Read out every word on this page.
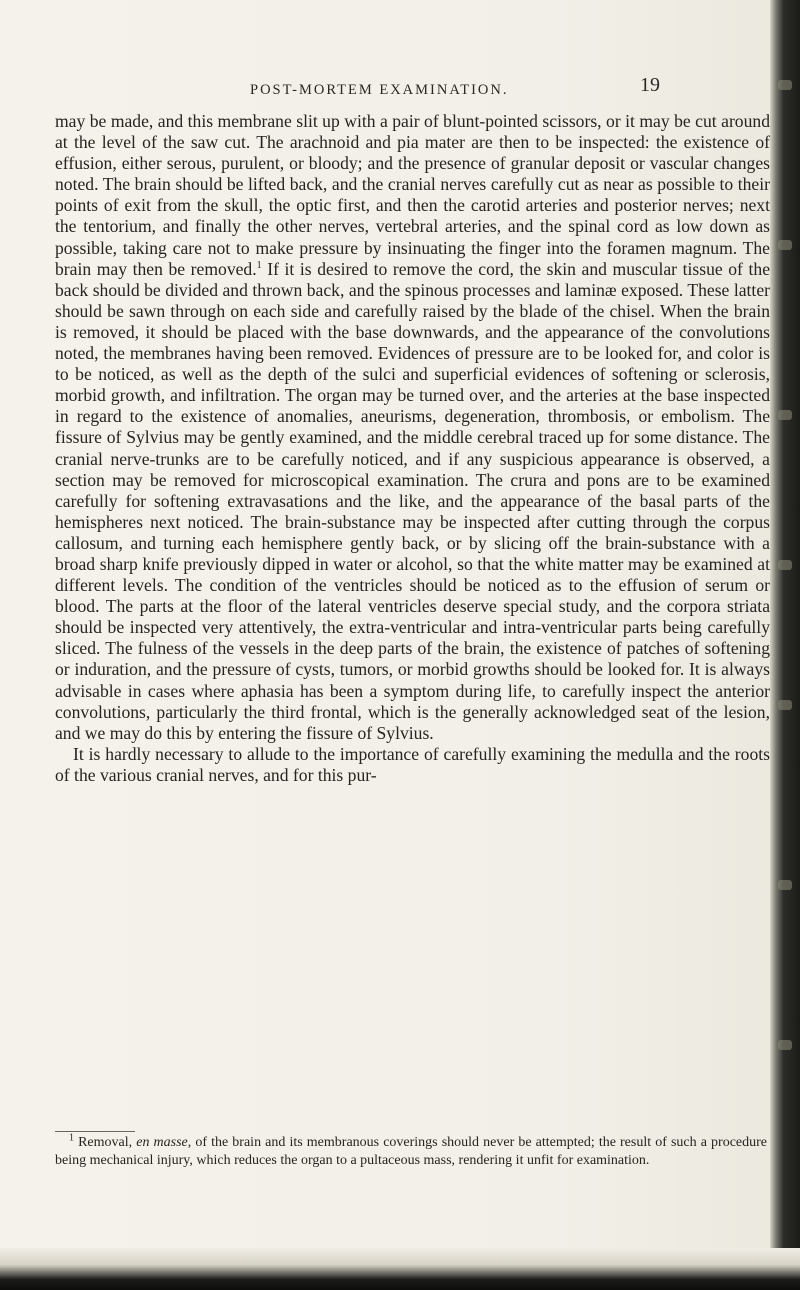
POST-MORTEM EXAMINATION.	19

may be made, and this membrane slit up with a pair of blunt-pointed scissors, or it may be cut around at the level of the saw cut. The arachnoid and pia mater are then to be inspected: the existence of effusion, either serous, purulent, or bloody; and the presence of granular deposit or vascular changes noted. The brain should be lifted back, and the cranial nerves carefully cut as near as possible to their points of exit from the skull, the optic first, and then the carotid arteries and posterior nerves; next the tentorium, and finally the other nerves, vertebral arteries, and the spinal cord as low down as possible, taking care not to make pressure by insinuating the finger into the foramen magnum. The brain may then be removed.$^1$ If it is desired to remove the cord, the skin and muscular tissue of the back should be divided and thrown back, and the spinous processes and laminæ exposed. These latter should be sawn through on each side and carefully raised by the blade of the chisel. When the brain is removed, it should be placed with the base downwards, and the appearance of the convolutions noted, the membranes having been removed. Evidences of pressure are to be looked for, and color is to be noticed, as well as the depth of the sulci and superficial evidences of softening or sclerosis, morbid growth, and infiltration. The organ may be turned over, and the arteries at the base inspected in regard to the existence of anomalies, aneurisms, degeneration, thrombosis, or embolism. The fissure of Sylvius may be gently examined, and the middle cerebral traced up for some distance. The cranial nerve-trunks are to be carefully noticed, and if any suspicious appearance is observed, a section may be removed for microscopical examination. The crura and pons are to be examined carefully for softening extravasations and the like, and the appearance of the basal parts of the hemispheres next noticed. The brain-substance may be inspected after cutting through the corpus callosum, and turning each hemisphere gently back, or by slicing off the brain-substance with a broad sharp knife previously dipped in water or alcohol, so that the white matter may be examined at different levels. The condition of the ventricles should be noticed as to the effusion of serum or blood. The parts at the floor of the lateral ventricles deserve special study, and the corpora striata should be inspected very attentively, the extra-ventricular and intra-ventricular parts being carefully sliced. The fulness of the vessels in the deep parts of the brain, the existence of patches of softening or induration, and the pressure of cysts, tumors, or morbid growths should be looked for. It is always advisable in cases where aphasia has been a symptom during life, to carefully inspect the anterior convolutions, particularly the third frontal, which is the generally acknowledged seat of the lesion, and we may do this by entering the fissure of Sylvius.

It is hardly necessary to allude to the importance of carefully examining the medulla and the roots of the various cranial nerves, and for this pur-

$^1$ Removal, en masse, of the brain and its membranous coverings should never be attempted; the result of such a procedure being mechanical injury, which reduces the organ to a pultaceous mass, rendering it unfit for examination.
